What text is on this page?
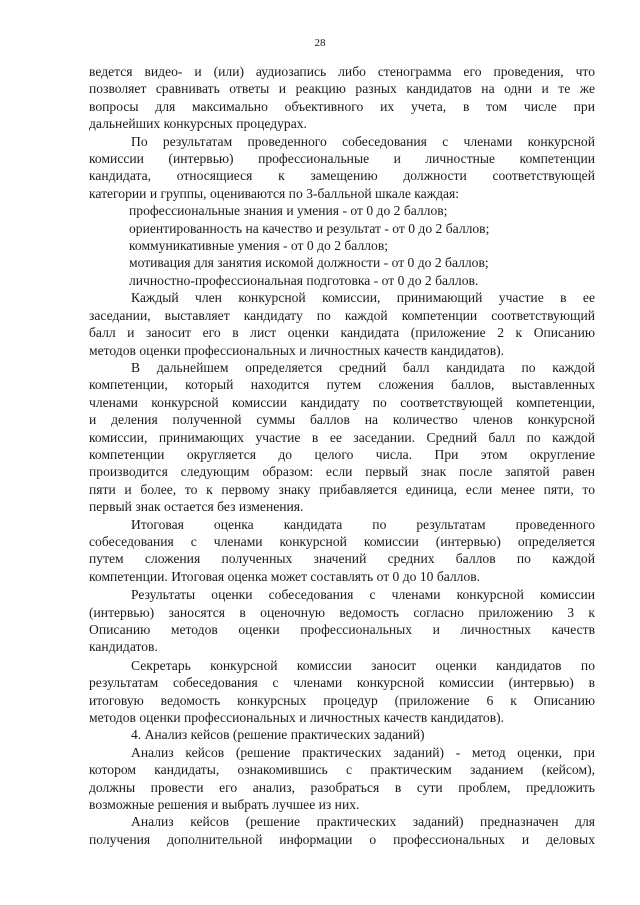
28

ведется видео- и (или) аудиозапись либо стенограмма его проведения, что

позволяет сравнивать ответы и реакцию разных кандидатов на одни и те же

вопросы для максимально объективного их учета, в том числе при

дальнейших конкурсных процедурах.

По результатам проведенного собеседования с членами конкурсной

комиссии (интервью) профессиональные и личностные компетенции

кандидата, относящиеся к замещению должности соответствующей

категории и группы, оцениваются по 3-балльной шкале каждая:

профессиональные знания и умения - от 0 до 2 баллов;

ориентированность на качество и результат - от 0 до 2 баллов;

коммуникативные умения - от 0 до 2 баллов;

мотивация для занятия искомой должности - от 0 до 2 баллов;

личностно-профессиональная подготовка - от 0 до 2 баллов.

Каждый член конкурсной комиссии, принимающий участие в ее

заседании, выставляет кандидату по каждой компетенции соответствующий

балл и заносит его в лист оценки кандидата (приложение 2 к Описанию

методов оценки профессиональных и личностных качеств кандидатов).

В дальнейшем определяется средний балл кандидата по каждой

компетенции, который находится путем сложения баллов, выставленных

членами конкурсной комиссии кандидату по соответствующей компетенции,

и деления полученной суммы баллов на количество членов конкурсной

комиссии, принимающих участие в ее заседании. Средний балл по каждой

компетенции округляется до целого числа. При этом округление

производится следующим образом: если первый знак после запятой равен

пяти и более, то к первому знаку прибавляется единица, если менее пяти, то

первый знак остается без изменения.

Итоговая оценка кандидата по результатам проведенного

собеседования с членами конкурсной комиссии (интервью) определяется

путем сложения полученных значений средних баллов по каждой

компетенции. Итоговая оценка может составлять от 0 до 10 баллов.

Результаты оценки собеседования с членами конкурсной комиссии

(интервью) заносятся в оценочную ведомость согласно приложению 3 к

Описанию методов оценки профессиональных и личностных качеств

кандидатов.

Секретарь конкурсной комиссии заносит оценки кандидатов по

результатам собеседования с членами конкурсной комиссии (интервью) в

итоговую ведомость конкурсных процедур (приложение 6 к Описанию

методов оценки профессиональных и личностных качеств кандидатов).

4. Анализ кейсов (решение практических заданий)

Анализ кейсов (решение практических заданий) - метод оценки, при

котором кандидаты, ознакомившись с практическим заданием (кейсом),

должны провести его анализ, разобраться в сути проблем, предложить

возможные решения и выбрать лучшее из них.

Анализ кейсов (решение практических заданий) предназначен для

получения дополнительной информации о профессиональных и деловых
